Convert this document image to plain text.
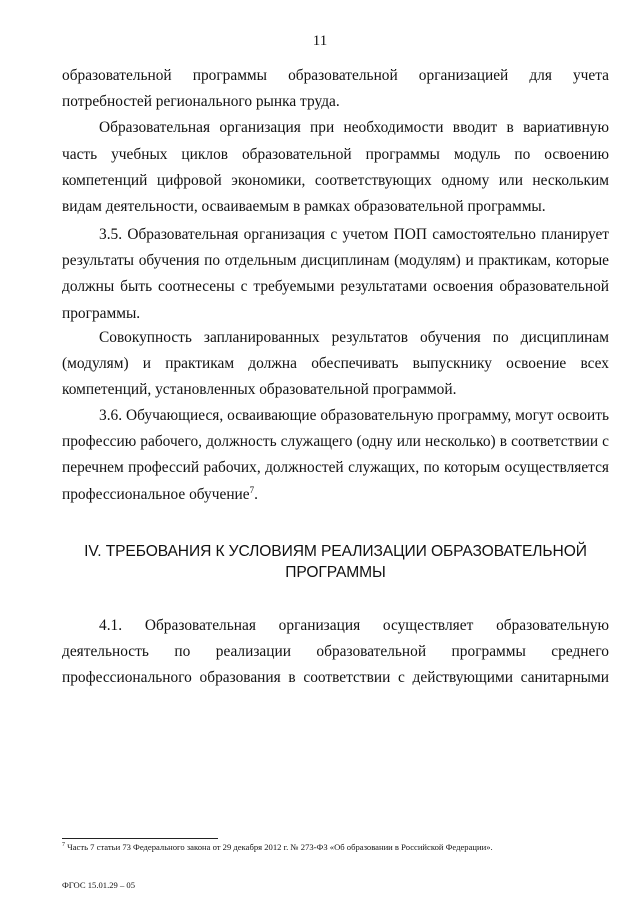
11

образовательной программы образовательной организацией для учета потребностей регионального рынка труда.

Образовательная организация при необходимости вводит в вариативную часть учебных циклов образовательной программы модуль по освоению компетенций цифровой экономики, соответствующих одному или нескольким видам деятельности, осваиваемым в рамках образовательной программы.

3.5. Образовательная организация с учетом ПОП самостоятельно планирует результаты обучения по отдельным дисциплинам (модулям) и практикам, которые должны быть соотнесены с требуемыми результатами освоения образовательной программы.

Совокупность запланированных результатов обучения по дисциплинам (модулям) и практикам должна обеспечивать выпускнику освоение всех компетенций, установленных образовательной программой.

3.6. Обучающиеся, осваивающие образовательную программу, могут освоить профессию рабочего, должность служащего (одну или несколько) в соответствии с перечнем профессий рабочих, должностей служащих, по которым осуществляется профессиональное обучение$^7$.

IV. ТРЕБОВАНИЯ К УСЛОВИЯМ РЕАЛИЗАЦИИ ОБРАЗОВАТЕЛЬНОЙ ПРОГРАММЫ

4.1. Образовательная организация осуществляет образовательную деятельность по реализации образовательной программы среднего профессионального образования в соответствии с действующими санитарными

$^7$ Часть 7 статьи 73 Федерального закона от 29 декабря 2012 г. № 273-ФЗ «Об образовании в Российской Федерации».
ФГОС 15.01.29 – 05
